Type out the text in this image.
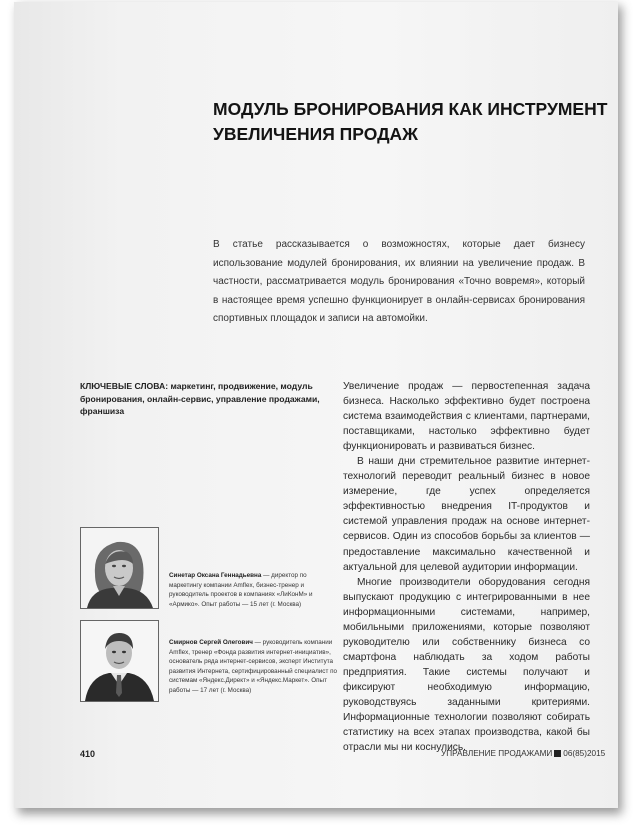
МОДУЛЬ БРОНИРОВАНИЯ КАК ИНСТРУМЕНТ
УВЕЛИЧЕНИЯ ПРОДАЖ

В статье рассказывается о возможностях, которые дает бизнесу использование модулей бронирования, их влиянии на увеличение продаж. В частности, рассматривается модуль бронирования «Точно вовремя», который в настоящее время успешно функционирует в онлайн-сервисах бронирования спортивных площадок и записи на автомойки.

КЛЮЧЕВЫЕ СЛОВА: маркетинг, продвижение, модуль бронирования, онлайн-сервис, управление продажами, франшиза

Увеличение продаж — первостепенная задача бизнеса. Насколько эффективно будет построена система взаимодействия с клиентами, партнерами, поставщиками, настолько эффективно будет функционировать и развиваться бизнес.

В наши дни стремительное развитие интернет-технологий переводит реальный бизнес в новое измерение, где успех определяется эффективностью внедрения IT-продуктов и системой управления продаж на основе интернет-сервисов. Один из способов борьбы за клиентов — предоставление максимально качественной и актуальной для целевой аудитории информации.

Многие производители оборудования сегодня выпускают продукцию с интегрированными в нее информационными системами, например, мобильными приложениями, которые позволяют руководителю или собственнику бизнеса со смартфона наблюдать за ходом работы предприятия. Такие системы получают и фиксируют необходимую информацию, руководствуясь заданными критериями. Информационные технологии позволяют собирать статистику на всех этапах производства, какой бы отрасли мы ни коснулись.

Синетар Оксана Геннадьевна — директор по маркетингу компании Amflex, бизнес-тренер и руководитель проектов в компаниях «ЛиКонМ» и «Армико». Опыт работы — 15 лет (г. Москва)

Смирнов Сергей Олегович — руководитель компании Amflex, тренер «Фонда развития интернет-инициатив», основатель ряда интернет-сервисов, эксперт Института развития Интернета, сертифицированный специалист по системам «Яндекс.Директ» и «Яндекс.Маркет». Опыт работы — 17 лет (г. Москва)

410	УПРАВЛЕНИЕ ПРОДАЖАМИ 06(85)2015
